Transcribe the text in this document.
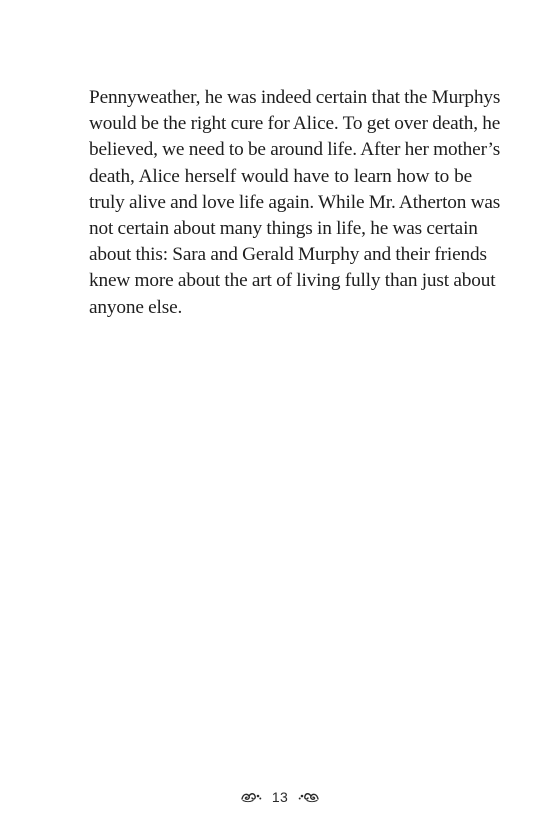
Pennyweather, he was indeed certain that the Murphys
would be the right cure for Alice. To get over death, he
believed, we need to be around life. After her mother’s
death, Alice herself would have to learn how to be
truly alive and love life again. While Mr. Atherton was
not certain about many things in life, he was certain
about this: Sara and Gerald Murphy and their friends
knew more about the art of living fully than just about
anyone else.
13
